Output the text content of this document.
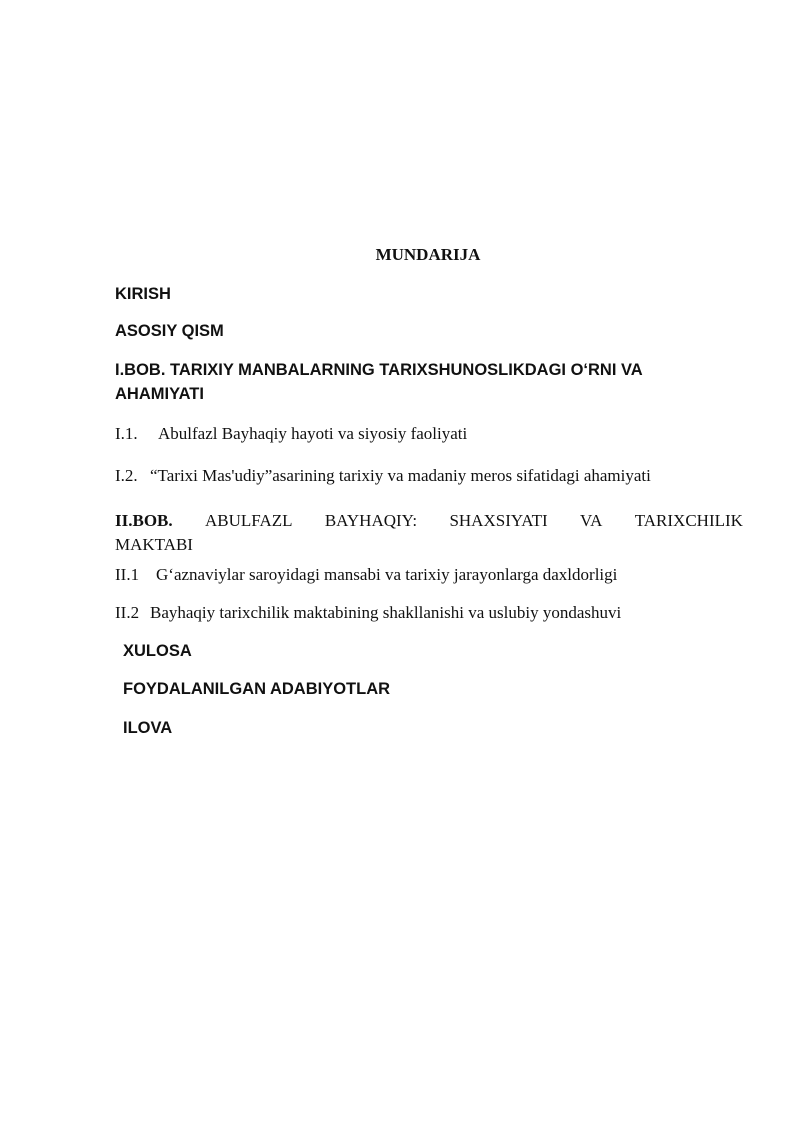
MUNDARIJA
KIRISH
ASOSIY QISM
I.BOB. TARIXIY MANBALARNING TARIXSHUNOSLIKDAGI O‘RNI VA
AHAMIYATI
I.1. Abulfazl Bayhaqiy hayoti va siyosiy faoliyati
I.2. “Tarixi Mas'udiy”asarining tarixiy va madaniy meros sifatidagi ahamiyati
II.BOB. ABULFAZL BAYHAQIY: SHAXSIYATI VA TARIXCHILIK
MAKTABI
II.1 G‘aznaviylar saroyidagi mansabi va tarixiy jarayonlarga daxldorligi
II.2 Bayhaqiy tarixchilik maktabining shakllanishi va uslubiy yondashuvi
XULOSA
FOYDALANILGAN ADABIYOTLAR
ILOVA
